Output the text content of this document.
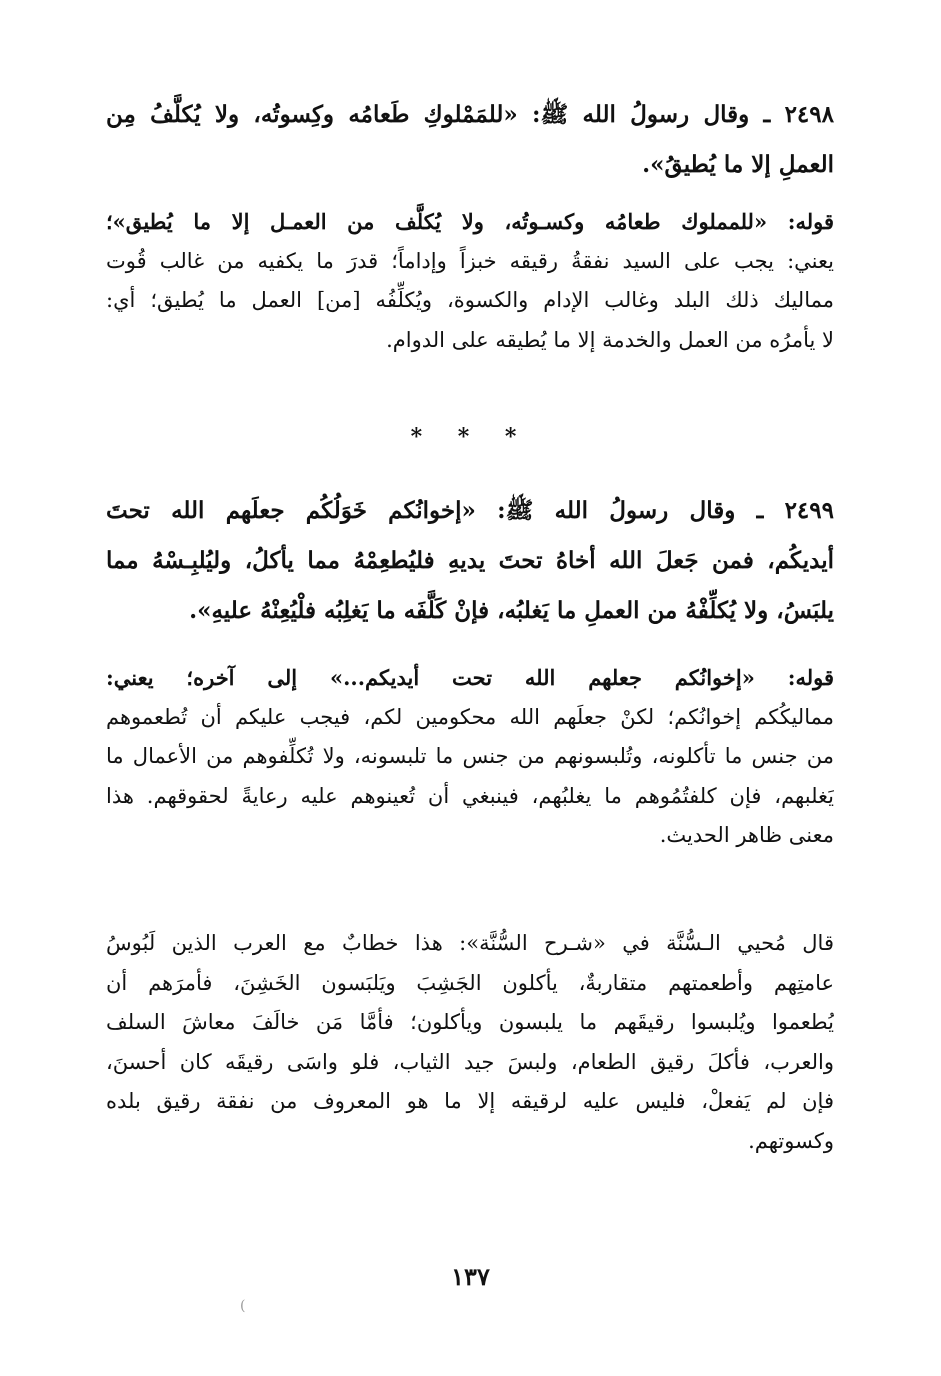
٢٤٩٨ ـ وقال رسولُ الله ﷺ: «للمَمْلوكِ طَعامُه وكِسوتُه، ولا يُكلَّفُ مِن
العملِ إلا ما يُطيقُ».
قوله: «للمملوك طعامُه وكسـوتُه، ولا يُكلَّف من العمـل إلا ما يُطيق»؛
يعني: يجب على السيد نفقةُ رقيقه خبزاً وإداماً؛ قدرَ ما يكفيه من غالب قُوت
مماليك ذلك البلد وغالب الإدام والكسوة، ويُكلِّفُه [من] العمل ما يُطيق؛ أي:
لا يأمرُه من العمل والخدمة إلا ما يُطيقه على الدوام.
* * *
٢٤٩٩ ـ وقال رسولُ الله ﷺ: «إخوانُكم خَوَلُكُم جعلَهم الله تحتَ
أيديكُم، فمن جَعلَ الله أخاهُ تحتَ يديهِ فليُطعِمْهُ مما يأكلُ، وليُلبِـسْهُ مما
يلبَسُ، ولا يُكلِّفْهُ من العملِ ما يَغلبُه، فإنْ كَلَّفَه ما يَغلِبُه فلْيُعِنْهُ عليهِ».
قوله: «إخوانُكم جعلهم الله تحت أيديكم...» إلى آخره؛ يعني:
مماليكُكم إخوانُكم؛ لكنْ جعلَهم الله محكومين لكم، فيجب عليكم أن تُطعموهم
من جنس ما تأكلونه، وتُلبسونهم من جنس ما تلبسونه، ولا تُكلِّفوهم من الأعمال ما
يَغلبهم، فإن كلفتُمُوهم ما يغلبُهم، فينبغي أن تُعينوهم عليه رعايةً لحقوقهم. هذا
معنى ظاهر الحديث.
قال مُحيي الـسُّنَّة في «شـرح السُّنَّة»: هذا خطابٌ مع العرب الذين لَبُوسُ
عامتِهم وأطعمتهم متقاربةٌ، يأكلون الجَشِبَ ويَلبَسون الخَشِنَ، فأمرَهم أن
يُطعموا ويُلبسوا رقيقَهم ما يلبسون ويأكلون؛ فأمَّا مَن خالَفَ معاشَ السلف
والعرب، فأكلَ رقيق الطعام، ولبسَ جيد الثياب، فلو واسَى رقيقَه كان أحسنَ،
فإن لم يَفعلْ، فليس عليه لرقيقه إلا ما هو المعروف من نفقة رقيق بلده
وكسوتهم.
١٣٧
(
